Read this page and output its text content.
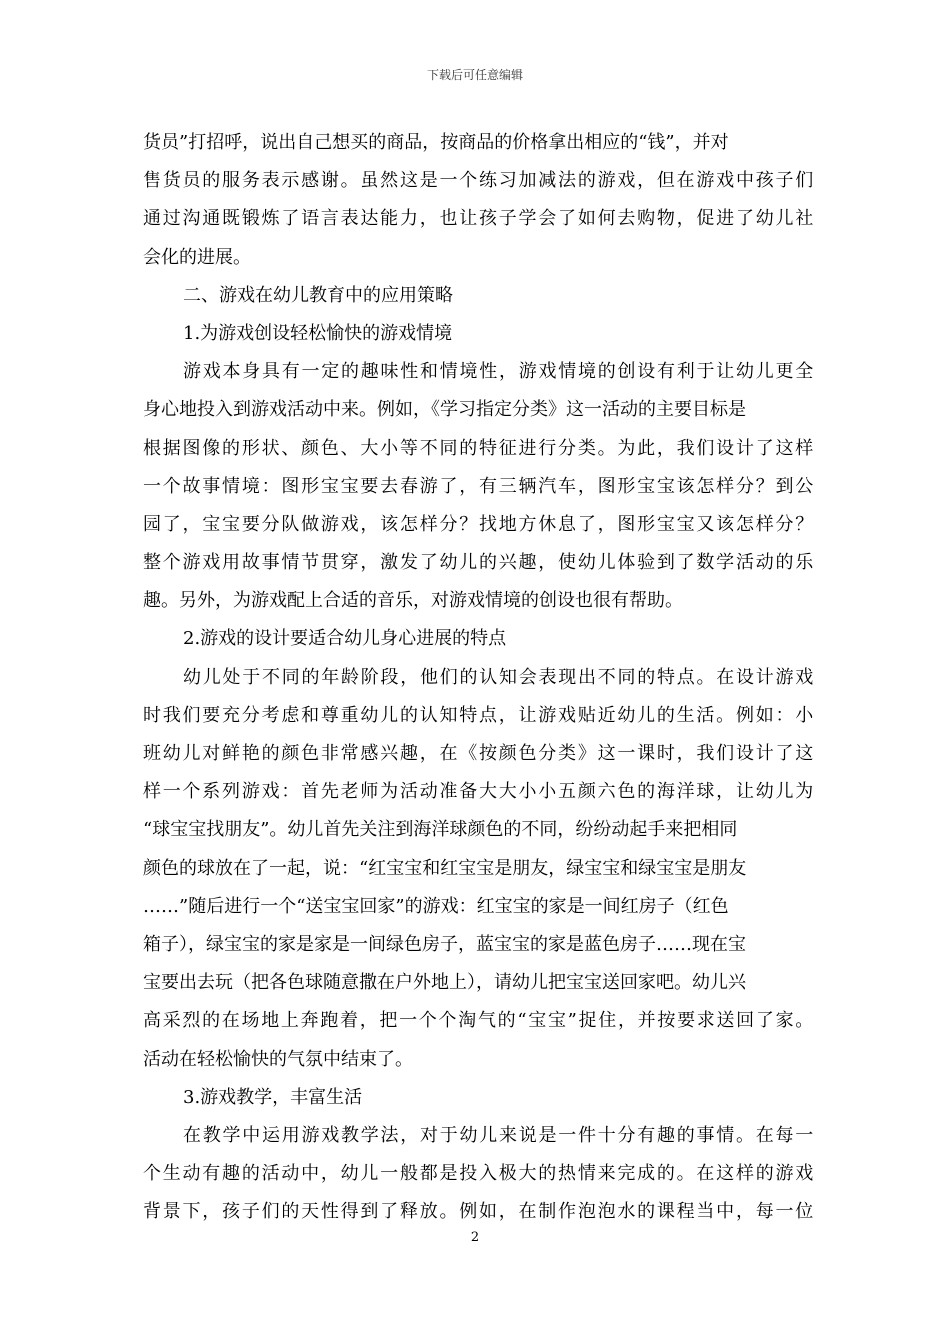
下载后可任意编辑
货员”打招呼，说出自己想买的商品，按商品的价格拿出相应的“钱”，并对
售货员的服务表示感谢。虽然这是一个练习加减法的游戏，但在游戏中孩子们
通过沟通既锻炼了语言表达能力，也让孩子学会了如何去购物，促进了幼儿社
会化的进展。
二、游戏在幼儿教育中的应用策略
1.为游戏创设轻松愉快的游戏情境
游戏本身具有一定的趣味性和情境性，游戏情境的创设有利于让幼儿更全
身心地投入到游戏活动中来。例如，《学习指定分类》这一活动的主要目标是
根据图像的形状、颜色、大小等不同的特征进行分类。为此，我们设计了这样
一个故事情境：图形宝宝要去春游了，有三辆汽车，图形宝宝该怎样分？到公
园了，宝宝要分队做游戏，该怎样分？找地方休息了，图形宝宝又该怎样分？
整个游戏用故事情节贯穿，激发了幼儿的兴趣，使幼儿体验到了数学活动的乐
趣。另外，为游戏配上合适的音乐，对游戏情境的创设也很有帮助。
2.游戏的设计要适合幼儿身心进展的特点
幼儿处于不同的年龄阶段，他们的认知会表现出不同的特点。在设计游戏
时我们要充分考虑和尊重幼儿的认知特点，让游戏贴近幼儿的生活。例如：小
班幼儿对鲜艳的颜色非常感兴趣，在《按颜色分类》这一课时，我们设计了这
样一个系列游戏：首先老师为活动准备大大小小五颜六色的海洋球，让幼儿为
“球宝宝找朋友”。幼儿首先关注到海洋球颜色的不同，纷纷动起手来把相同
颜色的球放在了一起，说：“红宝宝和红宝宝是朋友，绿宝宝和绿宝宝是朋友
……”随后进行一个“送宝宝回家”的游戏：红宝宝的家是一间红房子（红色
箱子），绿宝宝的家是家是一间绿色房子，蓝宝宝的家是蓝色房子……现在宝
宝要出去玩（把各色球随意撒在户外地上），请幼儿把宝宝送回家吧。幼儿兴
高采烈的在场地上奔跑着，把一个个淘气的“宝宝”捉住，并按要求送回了家。
活动在轻松愉快的气氛中结束了。
3.游戏教学，丰富生活
在教学中运用游戏教学法，对于幼儿来说是一件十分有趣的事情。在每一
个生动有趣的活动中，幼儿一般都是投入极大的热情来完成的。在这样的游戏
背景下，孩子们的天性得到了释放。例如，在制作泡泡水的课程当中，每一位
2
